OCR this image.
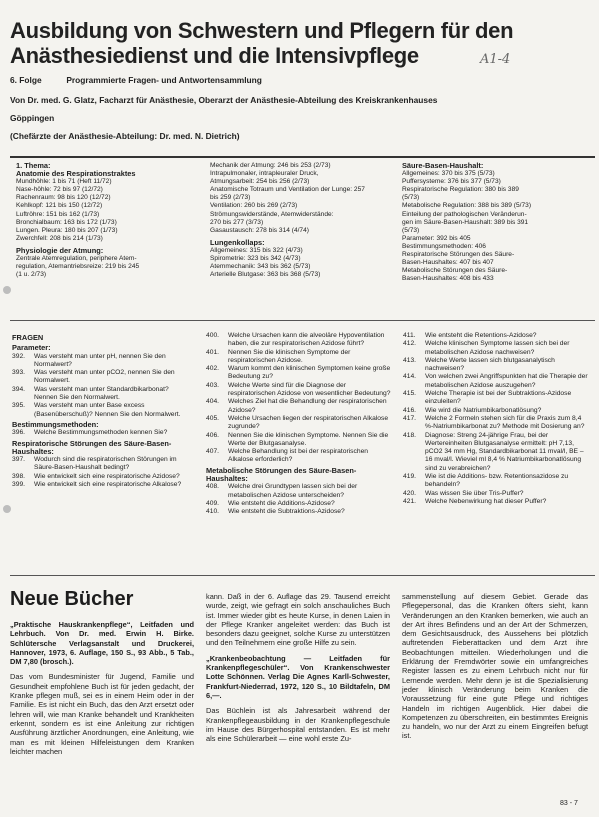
Ausbildung von Schwestern und Pflegern für den
Anästhesiedienst und die Intensivpflege	A1-4
6. Folge	Programmierte Fragen- und Antwortensammlung
Von Dr. med. G. Glatz, Facharzt für Anästhesie, Oberarzt der Anästhesie-Abteilung des Kreiskrankenhauses
Göppingen
(Chefärzte der Anästhesie-Abteilung: Dr. med. N. Dietrich)
1. Thema:
Anatomie des Respirationstraktes
Mundhöhle: 1 bis 71 (Heft 11/72)
Nase-höhle: 72 bis 97 (12/72)
Rachenraum: 98 bis 120 (12/72)
Kehlkopf: 121 bis 150 (12/72)
Luftröhre: 151 bis 162 (1/73)
Bronchialbaum: 163 bis 172 (1/73)
Lungen. Pleura: 180 bis 207 (1/73)
Zwerchfell: 208 bis 214 (1/73)
Physiologie der Atmung:
Zentrale Atemregulation, periphere Atem-
regulation, Atemantriebsreize: 219 bis 245
(1 u. 2/73)
Mechanik der Atmung: 246 bis 253 (2/73)
Intrapulmonaler, intrapleuraler Druck,
Atmungsarbeit: 254 bis 256 (2/73)
Anatomische Totraum und Ventilation der Lunge: 257
bis 259 (2/73)
Ventilation: 260 bis 269 (2/73)
Strömungswiderstände, Atemwiderstände:
270 bis 277 (3/73)
Gasaustausch: 278 bis 314 (4/74)
Lungenkollaps:
Allgemeines: 315 bis 322 (4/73)
Spirometrie: 323 bis 342 (4/73)
Atemmechanik: 343 bis 362 (5/73)
Arterielle Blutgase: 363 bis 368 (5/73)
Säure-Basen-Haushalt:
Allgemeines: 370 bis 375 (5/73)
Puffersysteme: 376 bis 377 (5/73)
Respiratorische Regulation: 380 bis 389
(5/73)
Metabolische Regulation: 388 bis 389 (5/73)
Einteilung der pathologischen Veränderun-
gen im Säure-Basen-Haushalt: 389 bis 391
(5/73)
Parameter: 392 bis 405
Bestimmungsmethoden: 406
Respiratorische Störungen des Säure-
Basen-Haushaltes: 407 bis 407
Metabolische Störungen des Säure-
Basen-Haushaltes: 408 bis 433
FRAGEN
Parameter:
392.	Was versteht man unter pH, nennen Sie den Normalwert?
393.	Was versteht man unter pCO2, nennen Sie den Normalwert.
394.	Was versteht man unter Standardbikarbonat? Nennen Sie den Normalwert.
395.	Was versteht man unter Base excess (Basenüberschuß)? Nennen Sie den Normalwert.
Bestimmungsmethoden:
396.	Welche Bestimmungsmethoden kennen Sie?
Respiratorische Störungen des Säure-Basen-Haushaltes:
397.	Wodurch sind die respiratorischen Störungen im Säure-Basen-Haushalt bedingt?
398.	Wie entwickelt sich eine respiratorische Azidose?
399.	Wie entwickelt sich eine respiratorische Alkalose?
400.	Welche Ursachen kann die alveoläre Hypoventilation haben, die zur respiratorischen Azidose führt?
401.	Nennen Sie die klinischen Symptome der respiratorischen Azidose.
402.	Warum kommt den klinischen Symptomen keine große Bedeutung zu?
403.	Welche Werte sind für die Diagnose der respiratorischen Azidose von wesentlicher Bedeutung?
404.	Welches Ziel hat die Behandlung der respiratorischen Azidose?
405.	Welche Ursachen liegen der respiratorischen Alkalose zugrunde?
406.	Nennen Sie die klinischen Symptome. Nennen Sie die Werte der Blutgasanalyse.
407.	Welche Behandlung ist bei der respiratorischen Alkalose erforderlich?
Metabolische Störungen des Säure-Basen-Haushaltes:
408.	Welche drei Grundtypen lassen sich bei der metabolischen Azidose unterscheiden?
409.	Wie entsteht die Additions-Azidose?
410.	Wie entsteht die Subtraktions-Azidose?
411.	Wie entsteht die Retentions-Azidose?
412.	Welche klinischen Symptome lassen sich bei der metabolischen Azidose nachweisen?
413.	Welche Werte lassen sich blutgasanalytisch nachweisen?
414.	Von welchen zwei Angriffspunkten hat die Therapie der metabolischen Azidose auszugehen?
415.	Welche Therapie ist bei der Subtraktions-Azidose einzuleiten?
416.	Wie wird die Natriumbikarbonatlösung?
417.	Welche 2 Formeln stehen sich für die Praxis zum 8,4 %-Natriumbikarbonat zu? Methode mit Dosierung an?
418.	Diagnose: Streng 24-jährige Frau, bei der Wertereinheiten Blutgasanalyse ermittelt: pH 7,13, pCO2 34 mm Hg, Standardbikarbonat 11 mval/l, BE –16 mval/l. Wieviel ml 8,4 % Natriumbikarbonatlösung sind zu verabreichen?
419.	Wie ist die Additions- bzw. Retentionsazidose zu behandeln?
420.	Was wissen Sie über Tris-Puffer?
421.	Welche Nebenwirkung hat dieser Puffer?
Neue Bücher

„Praktische Hauskrankenpflege“, Leitfaden und Lehrbuch. Von Dr. med. Erwin H. Birke. Schlütersche Verlagsanstalt und Druckerei, Hannover, 1973, 6. Auflage, 150 S., 93 Abb., 5 Tab., DM 7,80 (brosch.).

Das vom Bundesminister für Jugend, Familie und Gesundheit empfohlene Buch ist für jeden gedacht, der Kranke pflegen muß, sei es in einem Heim oder in der Familie. Es ist nicht ein Buch, das den Arzt ersetzt oder lehren will, wie man Kranke behandelt und Krankheiten erkennt, sondern es ist eine Anleitung zur richtigen Ausführung ärztlicher Anordnungen, eine Anleitung, wie man es mit kleinen Hilfeleistungen dem Kranken leichter machen

kann. Daß in der 6. Auflage das 29. Tausend erreicht wurde, zeigt, wie gefragt ein solch anschauliches Buch ist. Immer wieder gibt es heute Kurse, in denen Laien in der Pflege Kranker angeleitet werden: das Buch ist besonders dazu geeignet, solche Kurse zu unterstützen und den Teilnehmern eine große Hilfe zu sein.

„Krankenbeobachtung — Leitfaden für Krankenpflegeschüler“. Von Krankenschwester Lotte Schönnen. Verlag Die Agnes Karll-Schwester, Frankfurt-Niederrad, 1972, 120 S., 10 Bildtafeln, DM 6,—.

Das Büchlein ist als Jahresarbeit während der Krankenpflegeausbildung in der Krankenpflegeschule im Hause des Bürgerhospital entstanden. Es ist mehr als eine Schülerarbeit — eine wohl erste Zu-

sammenstellung auf diesem Gebiet. Gerade das Pflegepersonal, das die Kranken öfters sieht, kann Veränderungen an den Kranken bemerken, wie auch an der Art ihres Befindens und an der Art der Schmerzen, dem Gesichtsausdruck, des Aussehens bei plötzlich auftretenden Fieberattacken und dem Arzt ihre Beobachtungen mitteilen. Wiederholungen und die Erklärung der Fremdwörter sowie ein umfangreiches Register lassen es zu einem Lehrbuch nicht nur für Lernende werden. Mehr denn je ist die Spezialisierung jeder klinisch Veränderung beim Kranken die Voraussetzung für eine gute Pflege und richtiges Handeln im richtigen Augenblick. Hier dabei die Kompetenzen zu überschreiten, ein bestimmtes Ereignis zu handeln, wo nur der Arzt zu einem Eingreifen befugt ist.

83 - 7
